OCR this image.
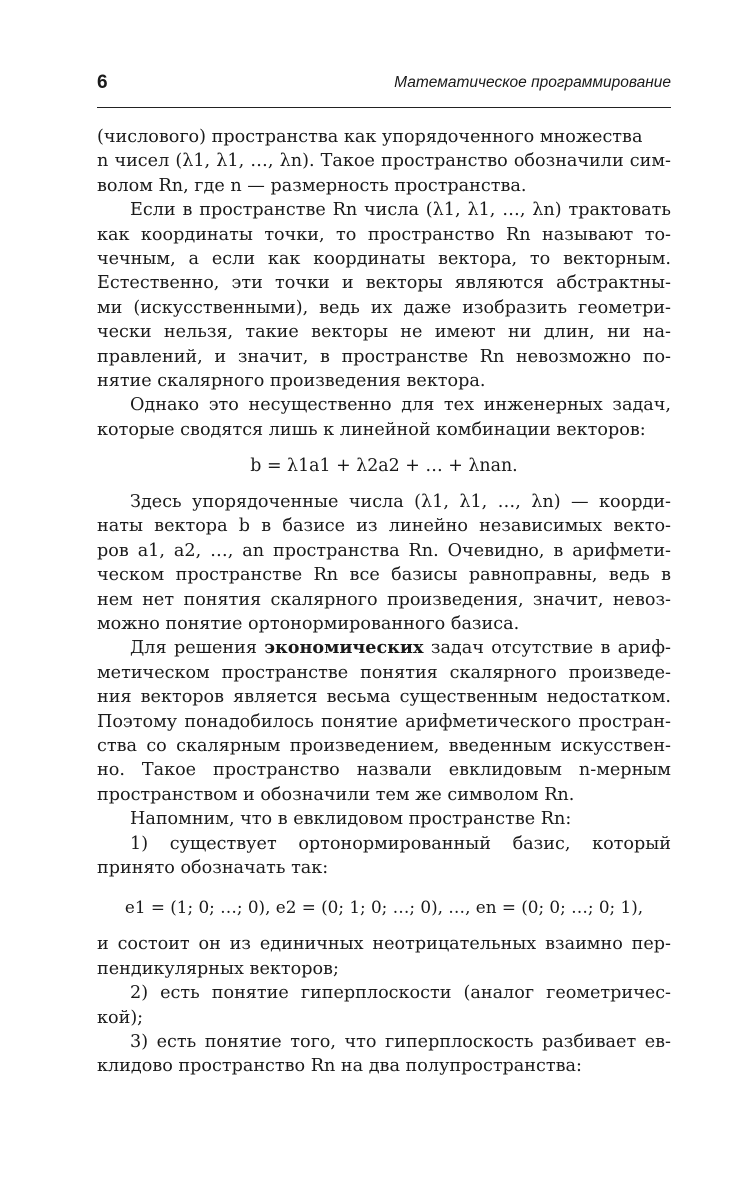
6	Математическое программирование
(числового) пространства как упорядоченного множества
n чисел (λ1, λ1, …, λn). Такое пространство обозначили сим-
волом Rn, где n — размерность пространства.
Если в пространстве Rn числа (λ1, λ1, …, λn) трактовать
как координаты точки, то пространство Rn называют то-
чечным, а если как координаты вектора, то векторным.
Естественно, эти точки и векторы являются абстрактны-
ми (искусственными), ведь их даже изобразить геометри-
чески нельзя, такие векторы не имеют ни длин, ни на-
правлений, и значит, в пространстве Rn невозможно по-
нятие скалярного произведения вектора.
Однако это несущественно для тех инженерных задач,
которые сводятся лишь к линейной комбинации векторов:
b = λ1a1 + λ2a2 + … + λnan.
Здесь упорядоченные числа (λ1, λ1, …, λn) — коорди-
наты вектора b в базисе из линейно независимых векто-
ров a1, a2, …, an пространства Rn. Очевидно, в арифмети-
ческом пространстве Rn все базисы равноправны, ведь в
нем нет понятия скалярного произведения, значит, невоз-
можно понятие ортонормированного базиса.
Для решения экономических задач отсутствие в ариф-
метическом пространстве понятия скалярного произведе-
ния векторов является весьма существенным недостатком.
Поэтому понадобилось понятие арифметического простран-
ства со скалярным произведением, введенным искусствен-
но. Такое пространство назвали евклидовым n-мерным
пространством и обозначили тем же символом Rn.
Напомним, что в евклидовом пространстве Rn:
1) существует ортонормированный базис, который
принято обозначать так:
e1 = (1; 0; …; 0), e2 = (0; 1; 0; …; 0), …, en = (0; 0; …; 0; 1),
и состоит он из единичных неотрицательных взаимно пер-
пендикулярных векторов;
2) есть понятие гиперплоскости (аналог геометричес-
кой);
3) есть понятие того, что гиперплоскость разбивает ев-
клидово пространство Rn на два полупространства:
